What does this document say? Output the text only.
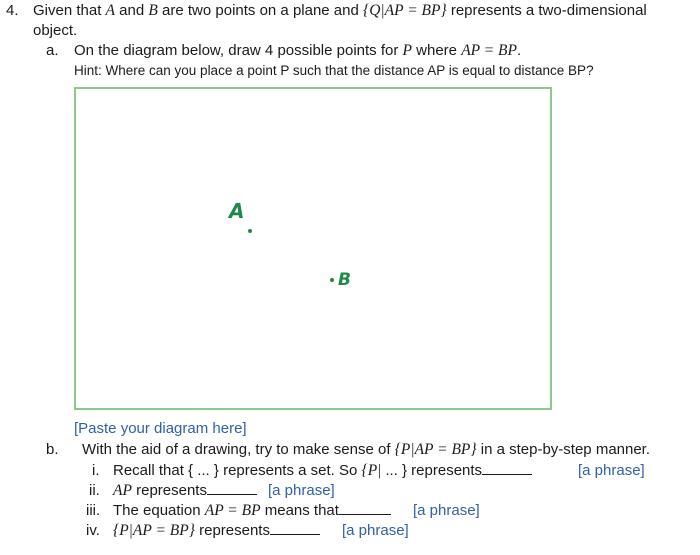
4. Given that A and B are two points on a plane and {Q|AP = BP} represents a two-dimensional
object.
a. On the diagram below, draw 4 possible points for P where AP = BP.
Hint: Where can you place a point P such that the distance AP is equal to distance BP?
A
B
[Paste your diagram here]
b. With the aid of a drawing, try to make sense of {P|AP = BP} in a step-by-step manner.
i. Recall that { ... } represents a set. So {P| ... } represents	[a phrase]
ii. AP represents	[a phrase]
iii. The equation AP = BP means that	[a phrase]
iv. {P|AP = BP} represents	[a phrase]
